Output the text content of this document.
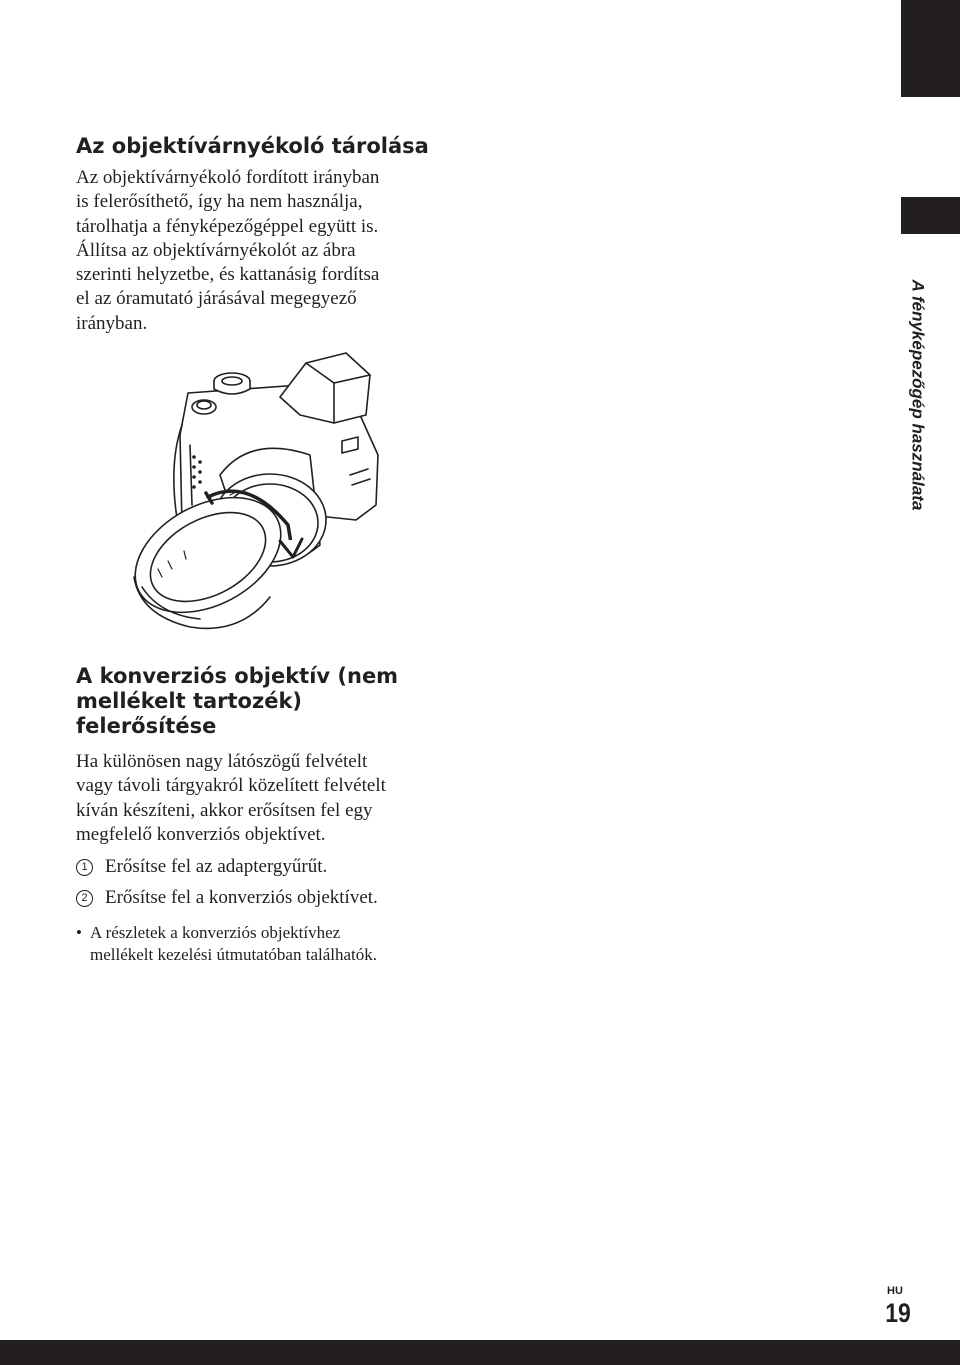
A fényképezőgép használata
Az objektívárnyékoló tárolása

Az objektívárnyékoló fordított irányban
is felerősíthető, így ha nem használja,
tárolhatja a fényképezőgéppel együtt is.
Állítsa az objektívárnyékolót az ábra
szerinti helyzetbe, és kattanásig fordítsa
el az óramutató járásával megegyező
irányban.

A konverziós objektív (nem
mellékelt tartozék)
felerősítése

Ha különösen nagy látószögű felvételt
vagy távoli tárgyakról közelített felvételt
kíván készíteni, akkor erősítsen fel egy
megfelelő konverziós objektívet.

1 Erősítse fel az adaptergyűrűt.
2 Erősítse fel a konverziós objektívet.
• A részletek a konverziós objektívhez
mellékelt kezelési útmutatóban találhatók.
HU
19
